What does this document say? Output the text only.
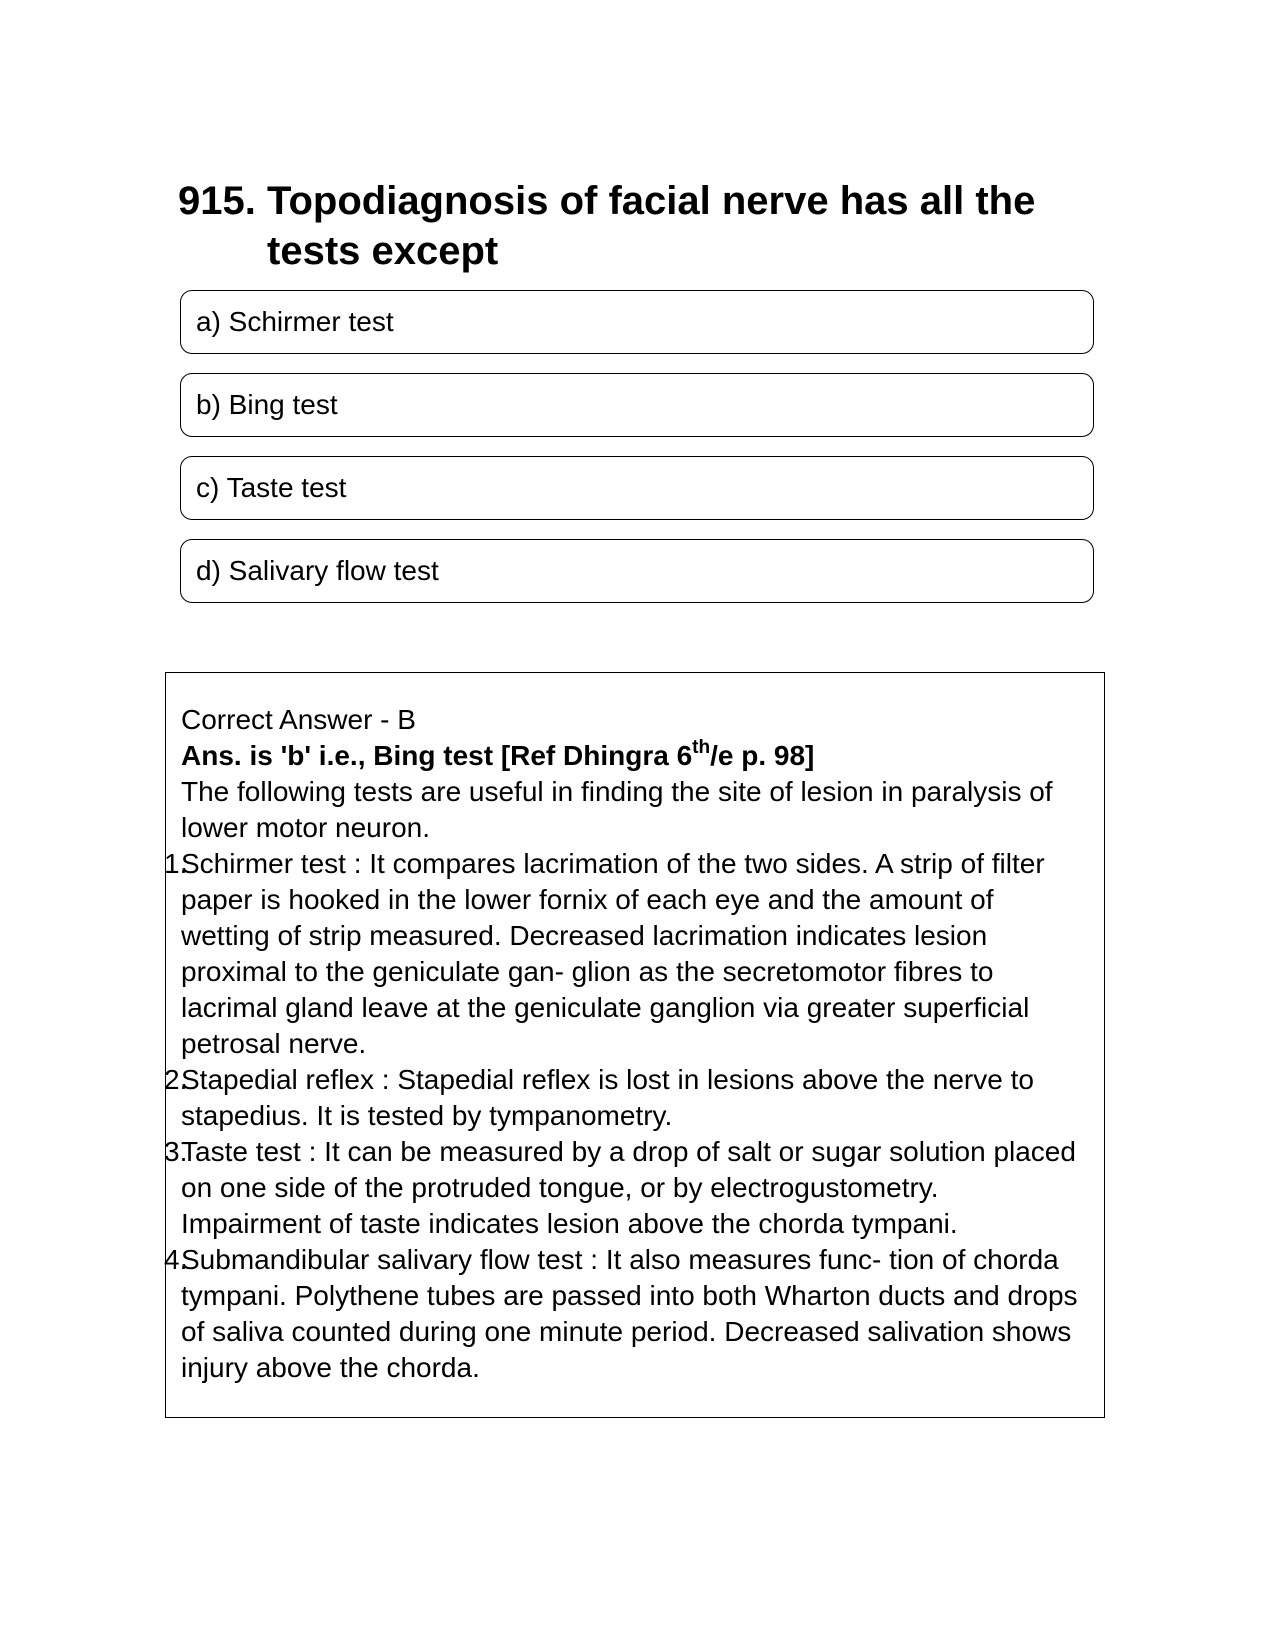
915. Topodiagnosis of facial nerve has all the tests except
a) Schirmer test
b) Bing test
c) Taste test
d) Salivary flow test

Correct Answer - B

Ans. is 'b' i.e., Bing test [Ref Dhingra 6th/e p. 98]

The following tests are useful in finding the site of lesion in paralysis of lower motor neuron.

1.
Schirmer test : It compares lacrimation of the two sides. A strip of filter paper is hooked in the lower fornix of each eye and the amount of wetting of strip measured. Decreased lacrimation indicates lesion proximal to the geniculate gan- glion as the secretomotor fibres to lacrimal gland leave at the geniculate ganglion via greater superficial petrosal nerve.

2.
Stapedial reflex : Stapedial reflex is lost in lesions above the nerve to stapedius. It is tested by tympanometry.

3.
Taste test : It can be measured by a drop of salt or sugar solution placed on one side of the protruded tongue, or by electrogustometry. Impairment of taste indicates lesion above the chorda tympani.

4.
Submandibular salivary flow test : It also measures func- tion of chorda tympani. Polythene tubes are passed into both Wharton ducts and drops of saliva counted during one minute period. Decreased salivation shows injury above the chorda.
